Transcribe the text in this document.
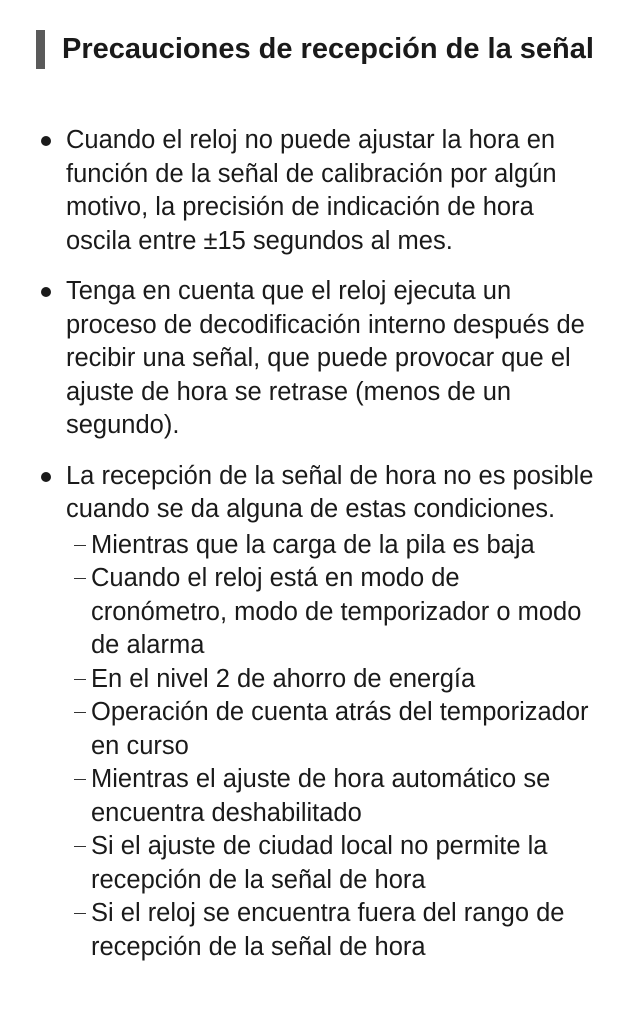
Precauciones de recepción de la señal
Cuando el reloj no puede ajustar la hora en función de la señal de calibración por algún motivo, la precisión de indicación de hora oscila entre ±15 segundos al mes.
Tenga en cuenta que el reloj ejecuta un proceso de decodificación interno después de recibir una señal, que puede provocar que el ajuste de hora se retrase (menos de un segundo).
La recepción de la señal de hora no es posible cuando se da alguna de estas condiciones.
Mientras que la carga de la pila es baja
Cuando el reloj está en modo de cronómetro, modo de temporizador o modo de alarma
En el nivel 2 de ahorro de energía
Operación de cuenta atrás del temporizador en curso
Mientras el ajuste de hora automático se encuentra deshabilitado
Si el ajuste de ciudad local no permite la recepción de la señal de hora
Si el reloj se encuentra fuera del rango de recepción de la señal de hora
